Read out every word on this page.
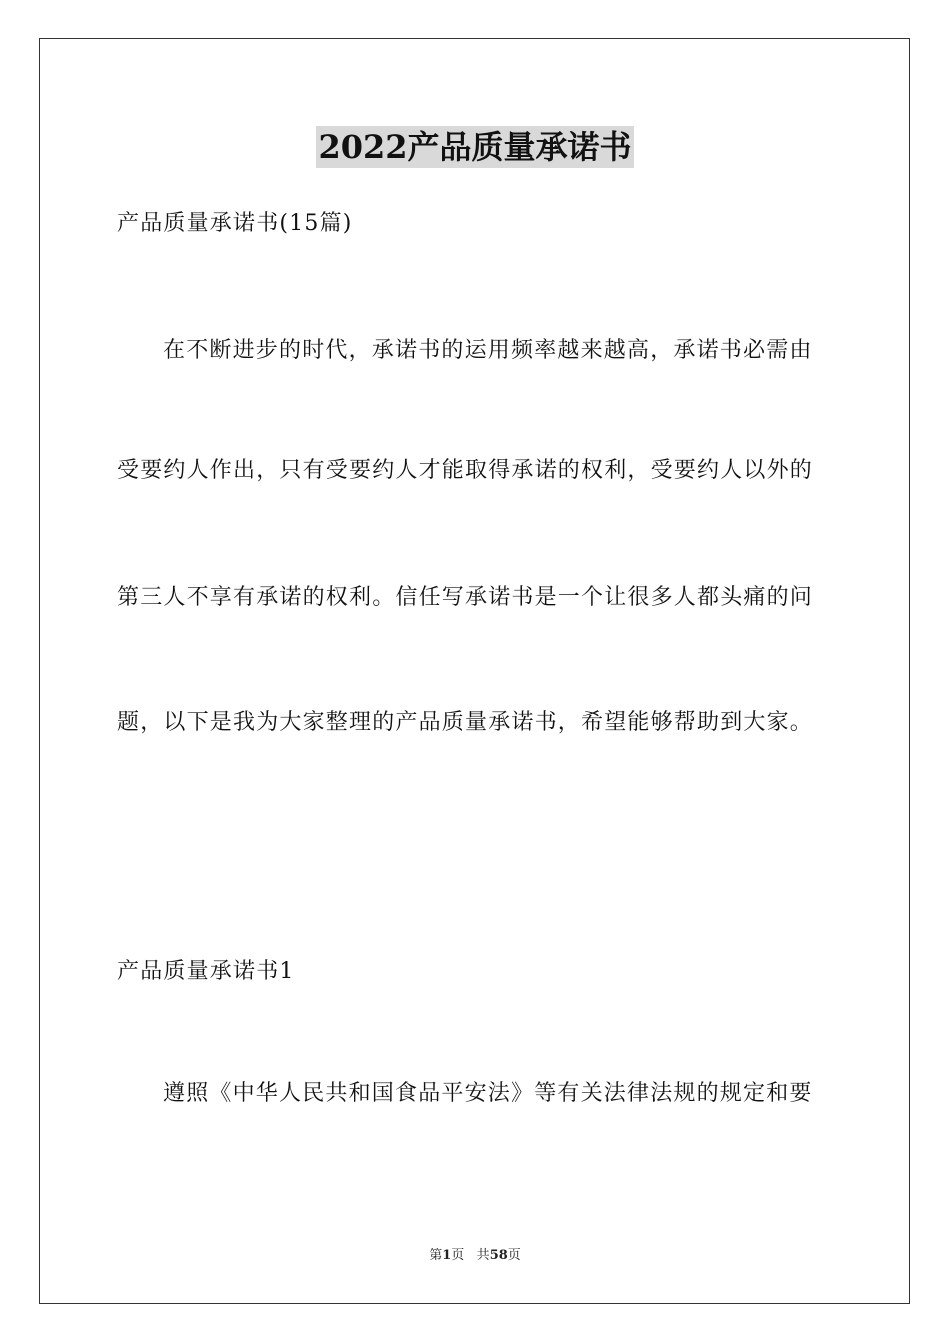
2022产品质量承诺书
产品质量承诺书(15篇)
在不断进步的时代，承诺书的运用频率越来越高，承诺书必需由
受要约人作出，只有受要约人才能取得承诺的权利，受要约人以外的
第三人不享有承诺的权利。信任写承诺书是一个让很多人都头痛的问
题，以下是我为大家整理的产品质量承诺书，希望能够帮助到大家。
产品质量承诺书1
遵照《中华人民共和国食品平安法》等有关法律法规的规定和要
第1页 共58页
